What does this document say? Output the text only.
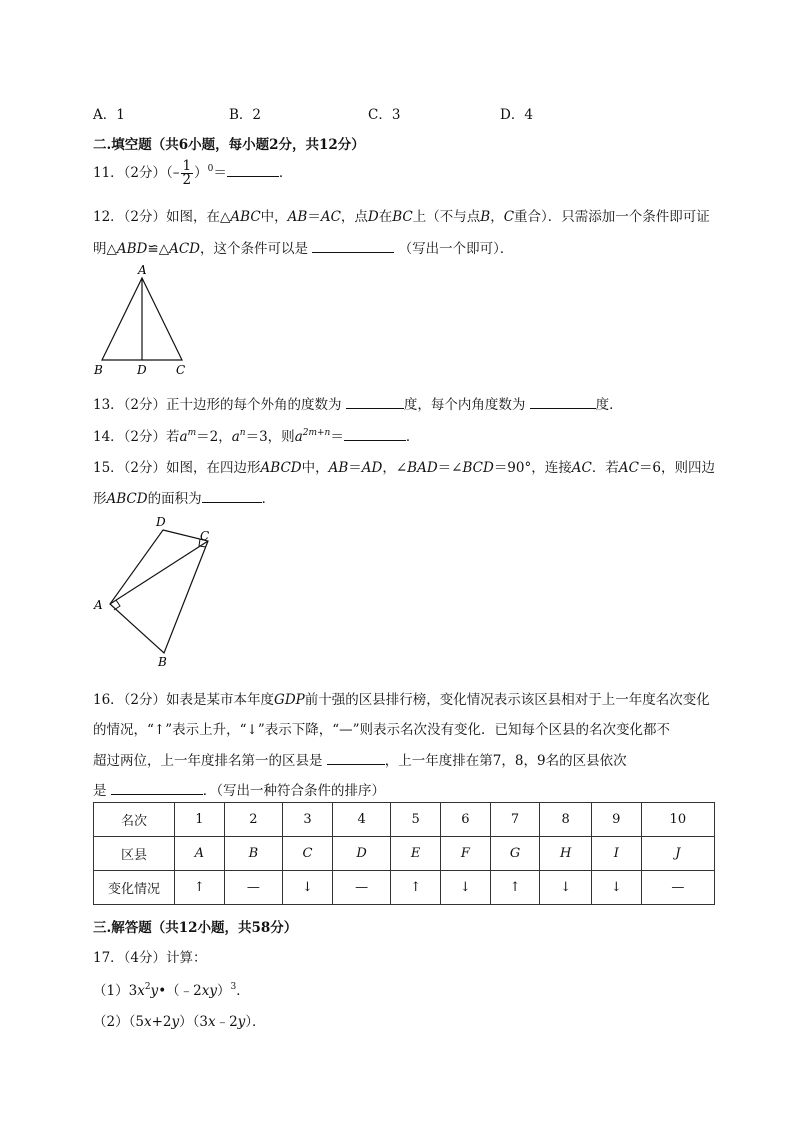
A．1	B．2	C．3	D．4
二.填空题（共6小题，每小题2分，共12分）
11．（2分）（– $\frac{1}{2} )^0=$	．
12．（2分）如图，在△ABC中，AB＝AC，点D在BC上（不与点B，C重合）．只需添加一个条件即可证
明△ABD≌△ACD，这个条件可以是	（写出一个即可）．
A
B	D C
13．（2分）正十边形的每个外角的度数为	度，每个内角度数为	度．
14．（2分）若$a^m=2$，$a^n=3$，则$a^{2m+n}=$	．
15．（2分）如图，在四边形ABCD中，AB＝AD，∠BAD＝∠BCD＝90°，连接AC．若AC＝6，则四边
形ABCD的面积为	．
D
C
A
B
16．（2分）如表是某市本年度GDP前十强的区县排行榜，变化情况表示该区县相对于上一年度名次变化
的情况，“↑”表示上升，“↓”表示下降，“—”则表示名次没有变化．已知每个区县的名次变化都不
超过两位，上一年度排名第一的区县是	，上一年度排在第7，8，9名的区县依次
是	．（写出一种符合条件的排序）
名次	1	2	3	4	5	6	7	8	9	10
区县	A	B	C	D	E	F	G	H	I	J
变化情况	↑	—	↓	—	↑	↓	↑	↓	↓	—
三.解答题（共12小题，共58分）
17．（4分）计算：
$(1)3x^2y•(﹣2xy)^3$．
（2）（5x+2y）（3x﹣2y）．
